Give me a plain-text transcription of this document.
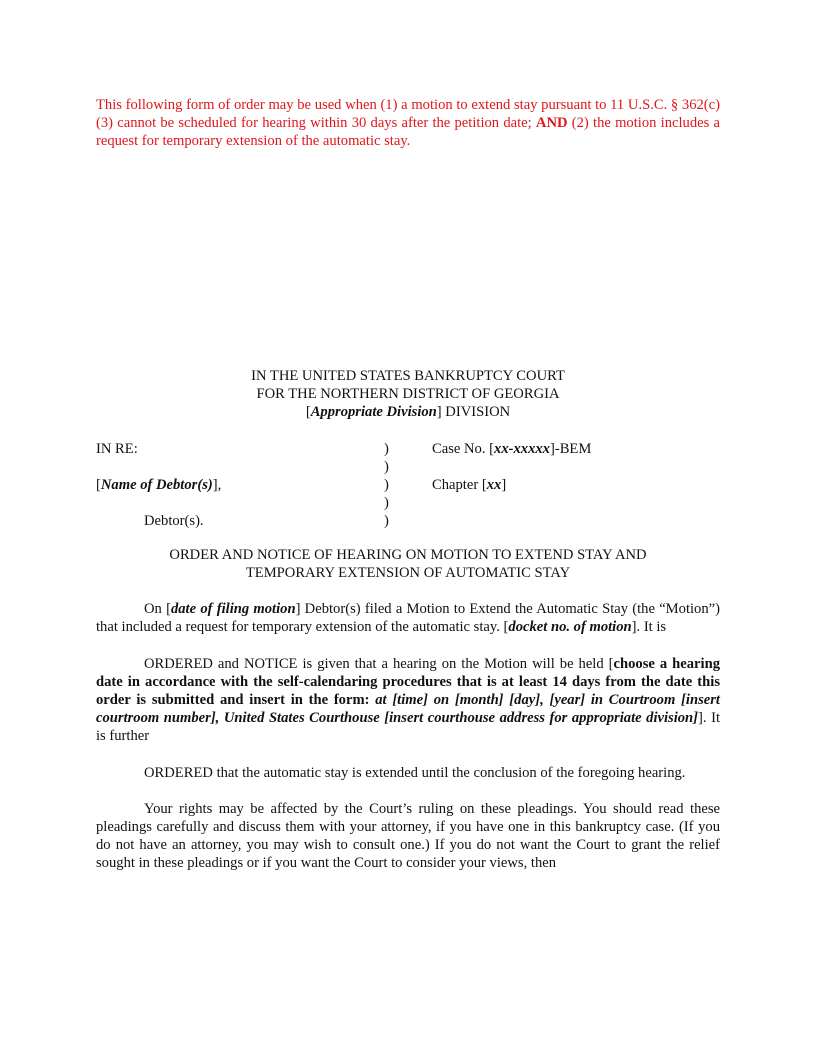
This following form of order may be used when (1) a motion to extend stay pursuant to 11 U.S.C. § 362(c)(3) cannot be scheduled for hearing within 30 days after the petition date; AND (2) the motion includes a request for temporary extension of the automatic stay.
IN THE UNITED STATES BANKRUPTCY COURT
FOR THE NORTHERN DISTRICT OF GEORGIA
[Appropriate Division] DIVISION
IN RE:	)	Case No. [xx-xxxxx]-BEM
)
[Name of Debtor(s)],	)	Chapter [xx]
)
Debtor(s).	)
ORDER AND NOTICE OF HEARING ON MOTION TO EXTEND STAY AND
TEMPORARY EXTENSION OF AUTOMATIC STAY

On [date of filing motion] Debtor(s) filed a Motion to Extend the Automatic Stay (the “Motion”) that included a request for temporary extension of the automatic stay. [docket no. of motion]. It is

ORDERED and NOTICE is given that a hearing on the Motion will be held [choose a hearing date in accordance with the self-calendaring procedures that is at least 14 days from the date this order is submitted and insert in the form: at [time] on [month] [day], [year] in Courtroom [insert courtroom number], United States Courthouse [insert courthouse address for appropriate division]]. It is further

ORDERED that the automatic stay is extended until the conclusion of the foregoing hearing.

Your rights may be affected by the Court’s ruling on these pleadings. You should read these pleadings carefully and discuss them with your attorney, if you have one in this bankruptcy case. (If you do not have an attorney, you may wish to consult one.) If you do not want the Court to grant the relief sought in these pleadings or if you want the Court to consider your views, then
